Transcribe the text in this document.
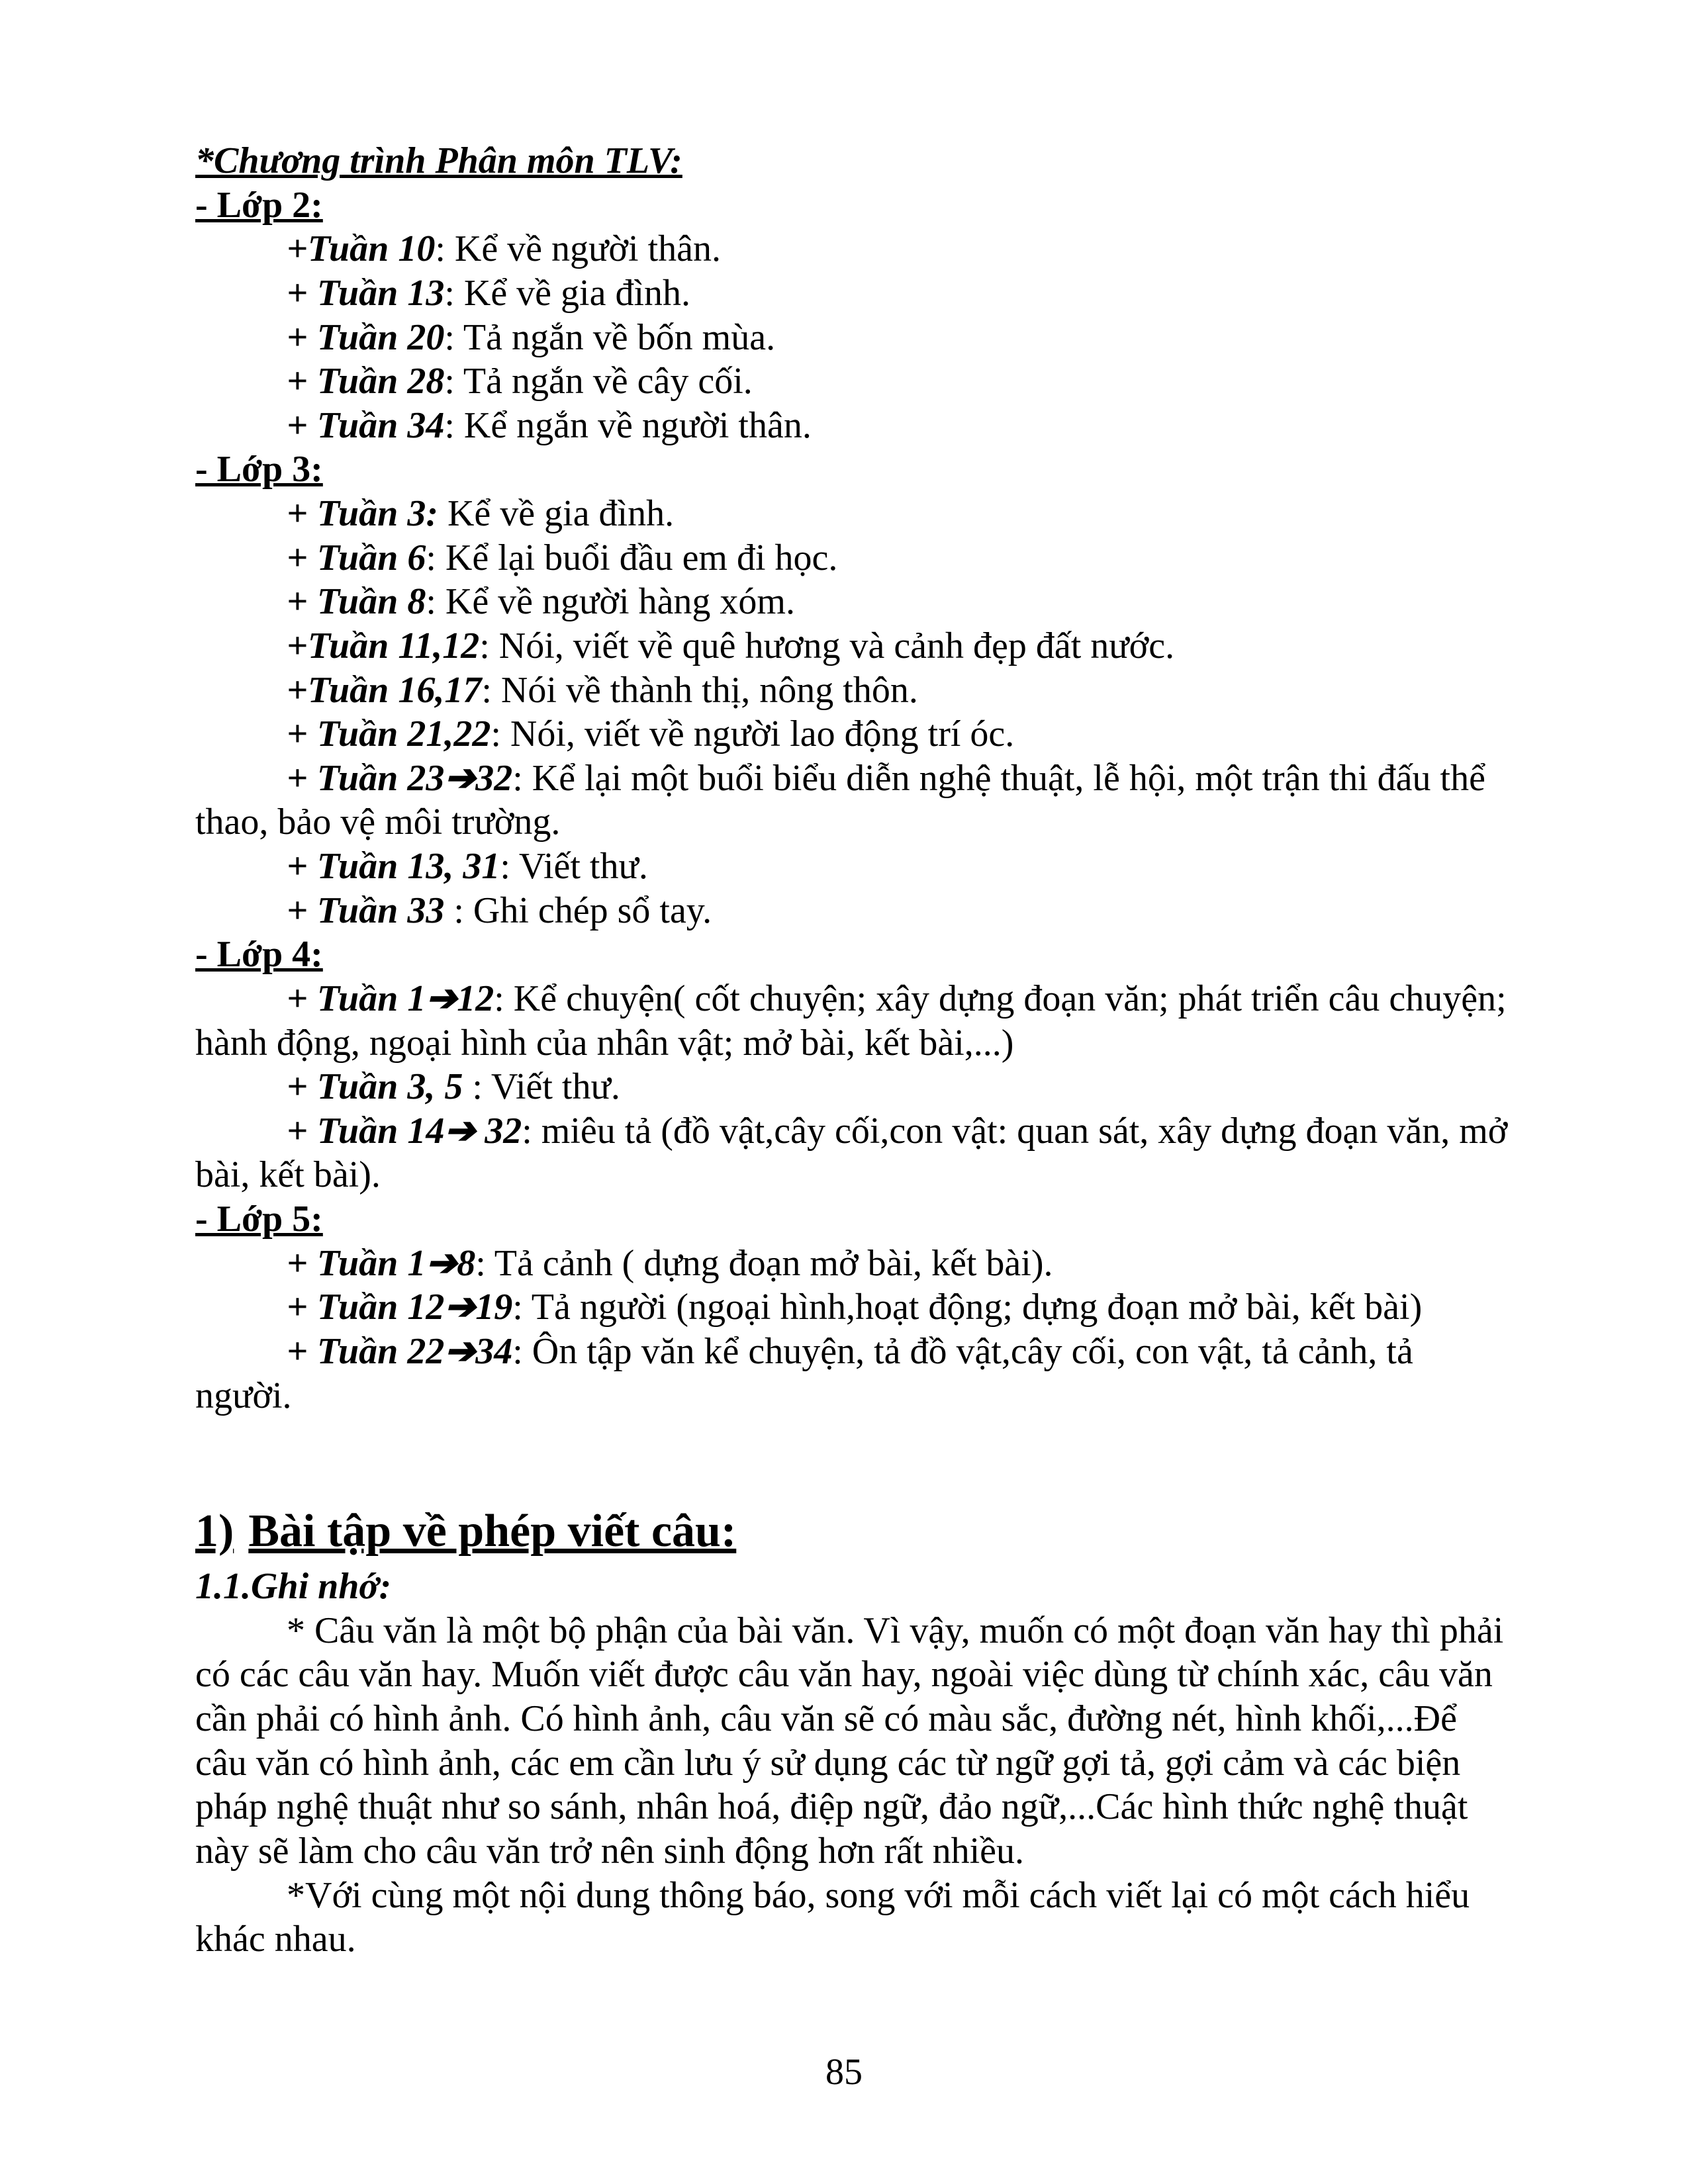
*Chương trình Phân môn TLV:

- Lớp 2:

+Tuần 10: Kể về người thân.

+ Tuần 13: Kể về gia đình.

+ Tuần 20: Tả ngắn về bốn mùa.

+ Tuần 28: Tả ngắn về cây cối.

+ Tuần 34: Kể ngắn về người thân.

- Lớp 3:

+ Tuần 3: Kể về gia đình.

+ Tuần 6: Kể lại buổi đầu em đi học.

+ Tuần 8: Kể về người hàng xóm.

+Tuần 11,12: Nói, viết về quê hương và cảnh đẹp đất nước.

+Tuần 16,17: Nói về thành thị, nông thôn.

+ Tuần 21,22: Nói, viết về người lao động trí óc.

+ Tuần 23➔32: Kể lại một buổi biểu diễn nghệ thuật, lễ hội, một trận thi đấu thể thao, bảo vệ môi trường.

+ Tuần 13, 31: Viết thư.

+ Tuần 33 : Ghi chép sổ tay.

- Lớp 4:

+ Tuần 1➔12: Kể chuyện( cốt chuyện; xây dựng đoạn văn; phát triển câu chuyện; hành động, ngoại hình của nhân vật; mở bài, kết bài,...)

+ Tuần 3, 5 : Viết thư.

+ Tuần 14➔ 32: miêu tả (đồ vật,cây cối,con vật: quan sát, xây dựng đoạn văn, mở bài, kết bài).

- Lớp 5:

+ Tuần 1➔8: Tả cảnh ( dựng đoạn mở bài, kết bài).

+ Tuần 12➔19: Tả người (ngoại hình,hoạt động; dựng đoạn mở bài, kết bài)

+ Tuần 22➔34: Ôn tập văn kể chuyện, tả đồ vật,cây cối, con vật, tả cảnh, tả người.

1) Bài tập về phép viết câu:

1.1.Ghi nhớ:

* Câu văn là một bộ phận của bài văn. Vì vậy, muốn có một đoạn văn hay thì phải có các câu văn hay. Muốn viết được câu văn hay, ngoài việc dùng từ chính xác, câu văn cần phải có hình ảnh. Có hình ảnh, câu văn sẽ có màu sắc, đường nét, hình khối,...Để câu văn có hình ảnh, các em cần lưu ý sử dụng các từ ngữ gợi tả, gợi cảm và các biện pháp nghệ thuật như so sánh, nhân hoá, điệp ngữ, đảo ngữ,...Các hình thức nghệ thuật này sẽ làm cho câu văn trở nên sinh động hơn rất nhiều.

*Với cùng một nội dung thông báo, song với mỗi cách viết lại có một cách hiểu khác nhau.

85
